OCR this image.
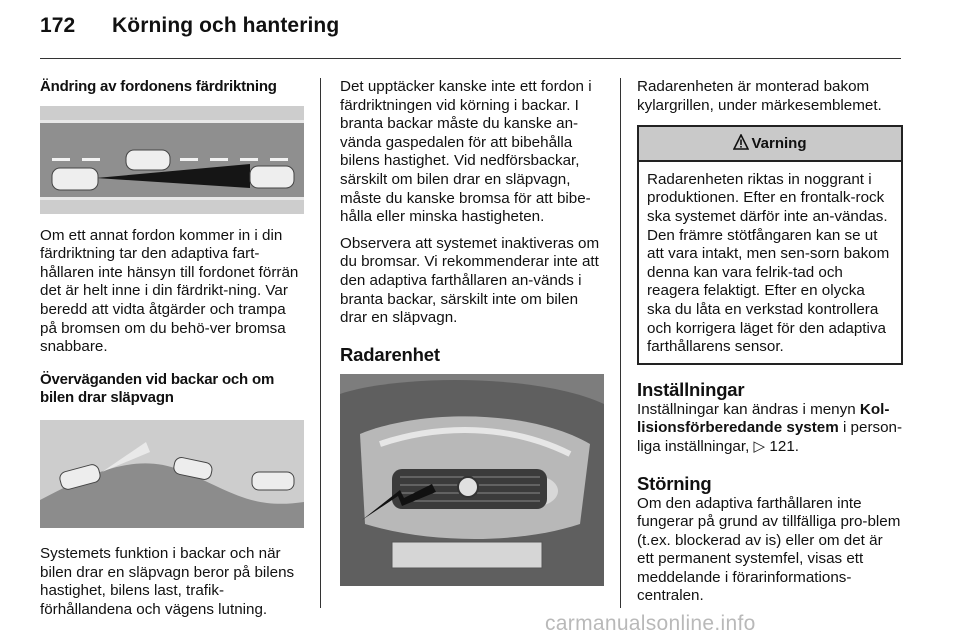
172 Körning och hantering
Ändring av fordonens färdriktning

Om ett annat fordon kommer in i din färdriktning tar den adaptiva fart-hållaren inte hänsyn till fordonet förrän det är helt inne i din färdrikt-ning. Var beredd att vidta åtgärder och trampa på bromsen om du behö-ver bromsa snabbare.

Överväganden vid backar och om bilen drar släpvagn

Systemets funktion i backar och när bilen drar en släpvagn beror på bilens hastighet, bilens last, trafik-förhållandena och vägens lutning.

Det upptäcker kanske inte ett fordon i färdriktningen vid körning i backar. I branta backar måste du kanske an-vända gaspedalen för att bibehålla bilens hastighet. Vid nedförsbackar, särskilt om bilen drar en släpvagn, måste du kanske bromsa för att bibe-hålla eller minska hastigheten.

Observera att systemet inaktiveras om du bromsar. Vi rekommenderar inte att den adaptiva farthållaren an-vänds i branta backar, särskilt inte om bilen drar en släpvagn.

Radarenhet

Radarenheten är monterad bakom kylargrillen, under märkesemblemet.

Varning
Radarenheten riktas in noggrant i produktionen. Efter en frontalk-rock ska systemet därför inte an-vändas. Den främre stötfångaren kan se ut att vara intakt, men sen-sorn bakom denna kan vara felrik-tad och reagera felaktigt. Efter en olycka ska du låta en verkstad kontrollera och korrigera läget för den adaptiva farthållarens sensor.
Inställningar

Inställningar kan ändras i menyn Kol-lisionsförberedande system i person-liga inställningar, ▷ 121.

Störning

Om den adaptiva farthållaren inte fungerar på grund av tillfälliga pro-blem (t.ex. blockerad av is) eller om det är ett permanent systemfel, visas ett meddelande i förarinformations-centralen.

carmanualsonline.info
